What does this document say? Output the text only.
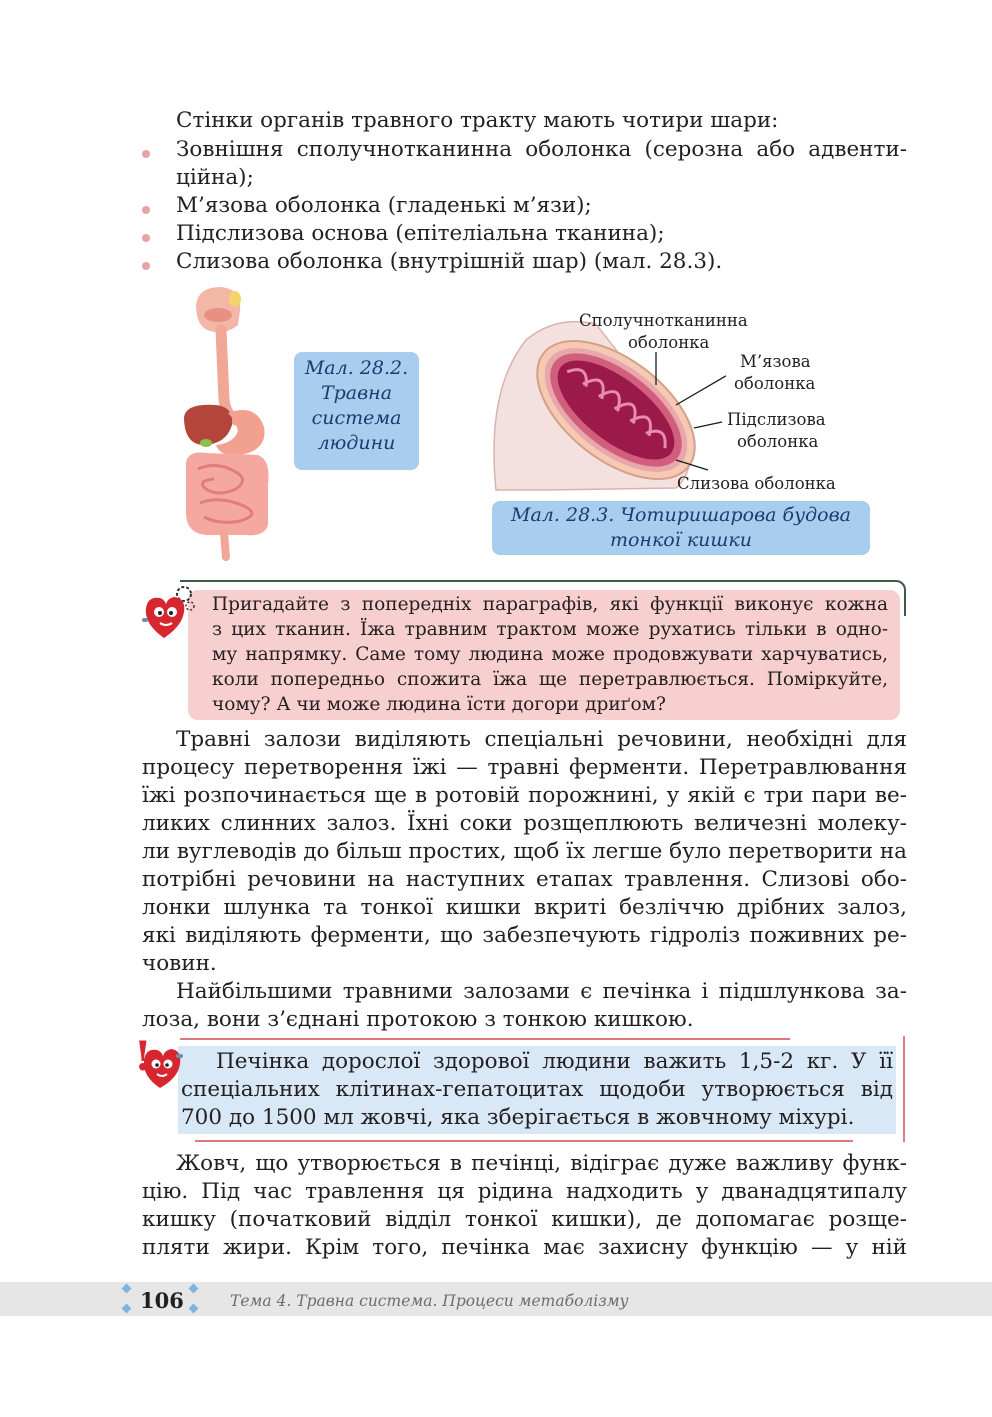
Стінки органів травного тракту мають чотири шари:
Зовнішня сполучнотканинна оболонка (серозна або адвенти-
ційна);
М’язова оболонка (гладенькі м’язи);
Підслизова основа (епітеліальна тканина);
Слизова оболонка (внутрішній шар) (мал. 28.3).
Мал. 28.2.
Травна
система
людини
Сполучнотканинна
оболонка
М’язова
оболонка
Підслизова
оболонка
Слизова оболонка
Мал. 28.3. Чотиришарова будова
тонкої кишки
Пригадайте з попередніх параграфів, які функції виконує кожна
з цих тканин. Їжа травним трактом може рухатись тільки в одно-
му напрямку. Саме тому людина може продовжувати харчуватись,
коли попередньо спожита їжа ще перетравлюється. Поміркуйте,
чому? А чи може людина їсти догори дриґом?
Травні залози виділяють спеціальні речовини, необхідні для
процесу перетворення їжі — травні ферменти. Перетравлювання
їжі розпочинається ще в ротовій порожнині, у якій є три пари ве-
ликих слинних залоз. Їхні соки розщеплюють величезні молеку-
ли вуглеводів до більш простих, щоб їх легше було перетворити на
потрібні речовини на наступних етапах травлення. Слизові обо-
лонки шлунка та тонкої кишки вкриті безліччю дрібних залоз,
які виділяють ферменти, що забезпечують гідроліз поживних ре-
човин.
Найбільшими травними залозами є печінка і підшлункова за-
лоза, вони з’єднані протокою з тонкою кишкою.
!	Печінка дорослої здорової людини важить 1,5-2 кг. У її
спеціальних клітинах-гепатоцитах щодоби утворюється від
700 до 1500 мл жовчі, яка зберігається в жовчному міхурі.
Жовч, що утворюється в печінці, відіграє дуже важливу функ-
цію. Під час травлення ця рідина надходить у дванадцятипалу
кишку (початковий відділ тонкої кишки), де допомагає розще-
пляти жири. Крім того, печінка має захисну функцію — у ній
106	Тема 4. Травна система. Процеси метаболізму
